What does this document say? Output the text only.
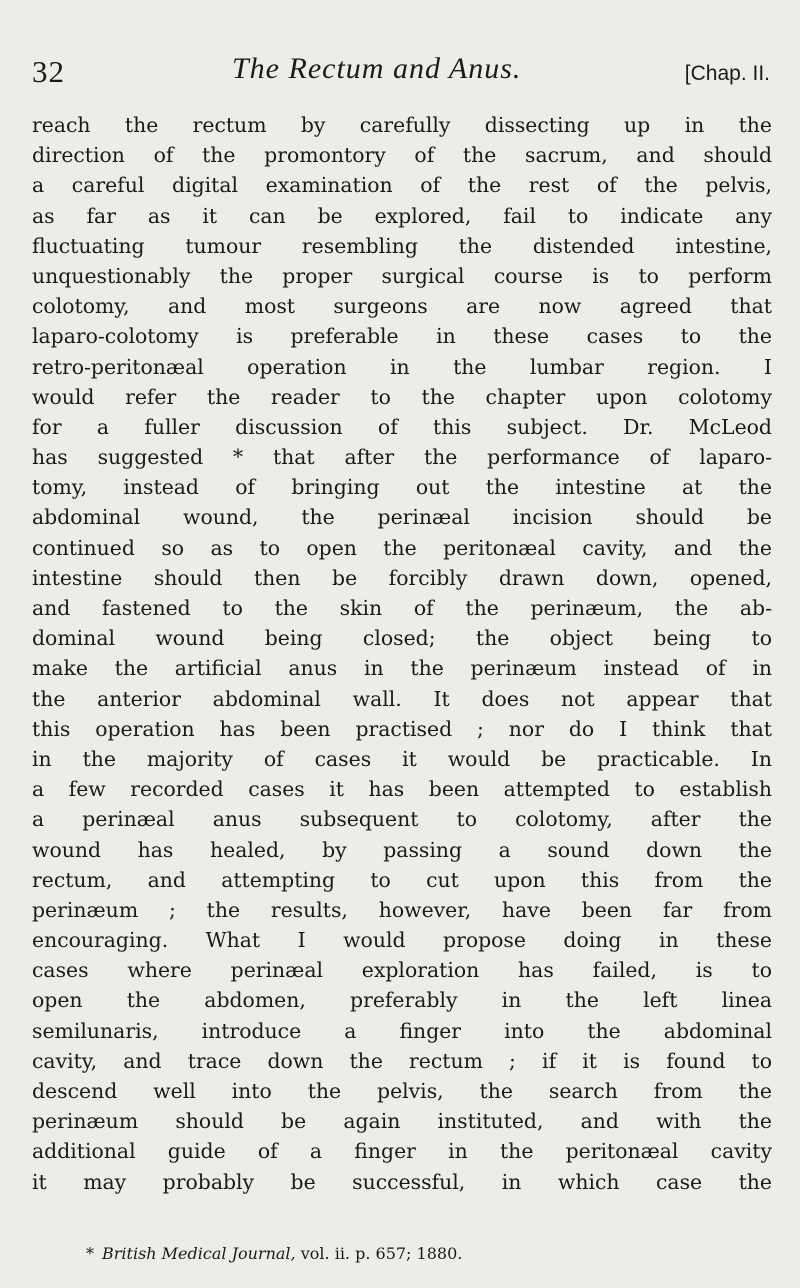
32	The Rectum and Anus.	[Chap. II.
reach the rectum by carefully dissecting up in the
direction of the promontory of the sacrum, and should
a careful digital examination of the rest of the pelvis,
as far as it can be explored, fail to indicate any
fluctuating tumour resembling the distended intestine,
unquestionably the proper surgical course is to perform
colotomy, and most surgeons are now agreed that
laparo-colotomy is preferable in these cases to the
retro-peritonæal operation in the lumbar region. I
would refer the reader to the chapter upon colotomy
for a fuller discussion of this subject. Dr. McLeod
has suggested * that after the performance of laparo-
tomy, instead of bringing out the intestine at the
abdominal wound, the perinæal incision should be
continued so as to open the peritonæal cavity, and the
intestine should then be forcibly drawn down, opened,
and fastened to the skin of the perinæum, the ab-
dominal wound being closed; the object being to
make the artificial anus in the perinæum instead of in
the anterior abdominal wall. It does not appear that
this operation has been practised ; nor do I think that
in the majority of cases it would be practicable. In
a few recorded cases it has been attempted to establish
a perinæal anus subsequent to colotomy, after the
wound has healed, by passing a sound down the
rectum, and attempting to cut upon this from the
perinæum ; the results, however, have been far from
encouraging. What I would propose doing in these
cases where perinæal exploration has failed, is to
open the abdomen, preferably in the left linea
semilunaris, introduce a finger into the abdominal
cavity, and trace down the rectum ; if it is found to
descend well into the pelvis, the search from the
perinæum should be again instituted, and with the
additional guide of a finger in the peritonæal cavity
it may probably be successful, in which case the
* British Medical Journal, vol. ii. p. 657; 1880.
